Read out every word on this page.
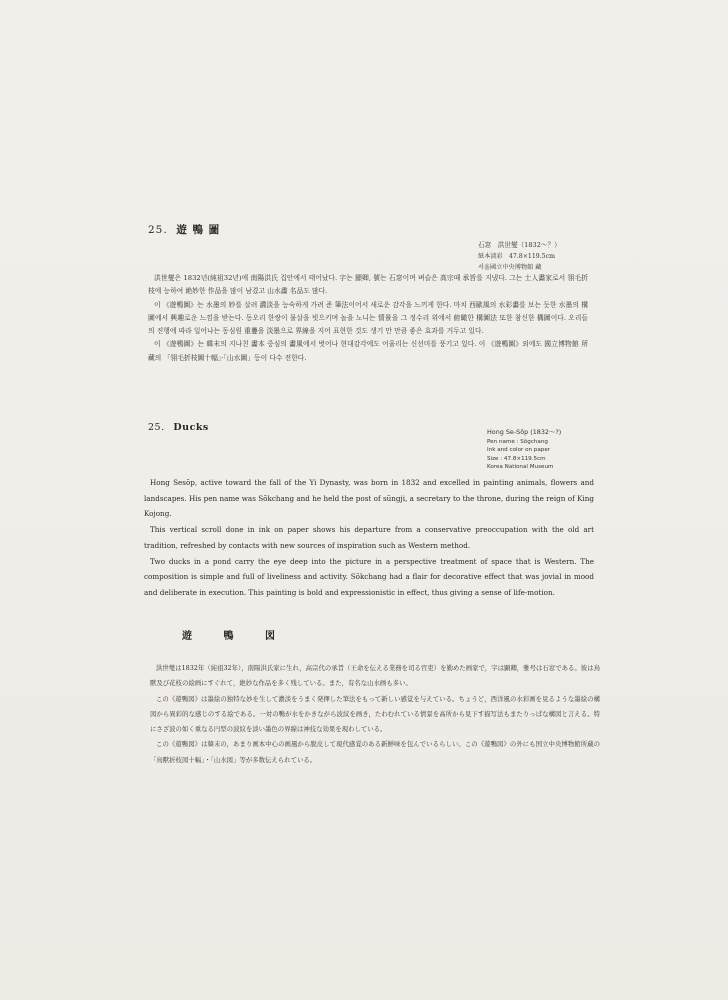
25. 遊 鴨 圖
石窓　洪世燮（1832～？）
紙本淡彩　47.8×119.5cm
서울國立中央博物館 藏

洪世燮은 1832년(純祖32년)에 南陽洪氏 집안에서 태어났다. 字는 顯卿, 號는 石窓이며 벼슬은 高宗때 承旨를 지냈다. 그는 士人畵家로서 翎毛折枝에 능하여 絶妙한 作品을 많이 남겼고 山水畵 名品도 많다.

이 《遊鴨圖》는 水墨의 妙를 살려 濃淡을 능숙하게 가려 준 筆法이어서 새로운 감각을 느끼게 한다. 마치 西歐風의 水彩畵를 보는 듯한 水墨의 構圖에서 興趣로운 느낌을 받는다. 동오리 한쌍이 물살을 빗으키며 놀을 노니는 情景을 그 정수리 위에서 俯瞰한 構圖法 또한 참신한 構圖이다. 오리들의 진행에 따라 일어나는 동심원 重疊을 淡墨으로 界線을 지어 표현한 것도 생기 만 만큼 좋은 효과를 거두고 있다.

이 《遊鴨圖》는 韓末의 지나친 畵本 중심의 畵風에서 벗어나 현대감각에도 어울리는 신선미를 풍기고 있다. 이 《遊鴨圖》외에도 國立博物館 所藏의 「翎毛折枝圖十幅」·「山水圖」등이 다수 전한다.

25. Ducks	Hong Se-Sŏp (1832～?)
Pen name : Sŏgchang
Ink and color on paper
Size : 47.8×119.5cm
Korea National Museum

Hong Sesŏp, active toward the fall of the Yi Dynasty, was born in 1832 and excelled in painting animals, flowers and landscapes. His pen name was Sŏkchang and he held the post of sŭngji, a secretary to the throne, during the reign of King Kojong.

This vertical scroll done in ink on paper shows his departure from a conservative preoccupation with the old art tradition, refreshed by contacts with new sources of inspiration such as Western method.

Two ducks in a pond carry the eye deep into the picture in a perspective treatment of space that is Western. The composition is simple and full of liveliness and activity. Sŏkchang had a flair for decorative effect that was jovial in mood and deliberate in execution. This painting is bold and expressionistic in effect, thus giving a sense of life-motion.

遊 鴨 図

洪世燮は1832年（純祖32年），南陽洪氏家に生れ，高宗代の承旨（王命を伝える業務を司る官吏）を勤めた画家で，字は顕卿，雅号は石窓である。彼は鳥獸及び花枝の絵画にすぐれて，絶妙な作品を多く残している。また，有名な山水画も多い。

この《遊鴨図》は墨絵の独特な妙を生して濃淡をうまく発揮した筆法をもって新しい感覚を与えている。ちょうど，西洋風の水彩画を見るような墨絵の構図から異彩的な感じのする絵である。一対の鴨が水をかきながら波紋を画き，たわむれている情景を高所から見下す描写法もまたりっぱな構図と言える。特にさざ波の如く重なる円型の波紋を淡い墨色の界線は神技な効果を現わしている。

この《遊鴨図》は韓末の，あまり画本中心の画風から脱皮して現代感覚のある新鮮味を包んでいるらしい。この《遊鴨図》の外にも国立中央博物館所蔵の「鳥獸折枝図十幅」・「山水図」等が多数伝えられている。
